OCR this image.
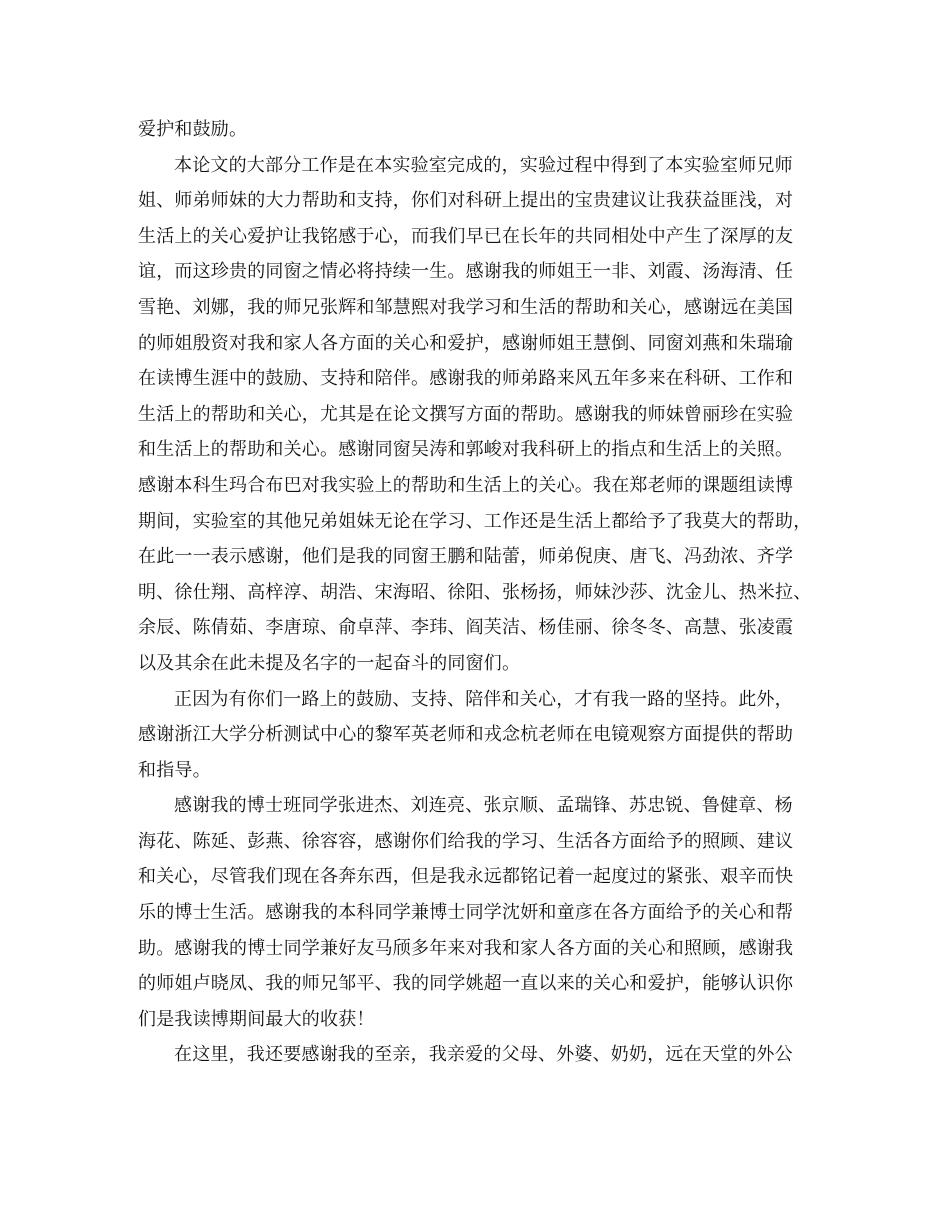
爱护和鼓励。
本论文的大部分工作是在本实验室完成的，实验过程中得到了本实验室师兄师
姐、师弟师妹的大力帮助和支持，你们对科研上提出的宝贵建议让我获益匪浅，对
生活上的关心爱护让我铭感于心，而我们早已在长年的共同相处中产生了深厚的友
谊，而这珍贵的同窗之情必将持续一生。感谢我的师姐王一非、刘霞、汤海清、任
雪艳、刘娜，我的师兄张辉和邹慧熙对我学习和生活的帮助和关心，感谢远在美国
的师姐殷资对我和家人各方面的关心和爱护，感谢师姐王慧倒、同窗刘燕和朱瑞瑜
在读博生涯中的鼓励、支持和陪伴。感谢我的师弟路来风五年多来在科研、工作和
生活上的帮助和关心，尤其是在论文撰写方面的帮助。感谢我的师妹曾丽珍在实验
和生活上的帮助和关心。感谢同窗吴涛和郭峻对我科研上的指点和生活上的关照。
感谢本科生玛合布巴对我实验上的帮助和生活上的关心。我在郑老师的课题组读博
期间，实验室的其他兄弟姐妹无论在学习、工作还是生活上都给予了我莫大的帮助，
在此一一表示感谢，他们是我的同窗王鹏和陆蕾，师弟倪庚、唐飞、冯劲浓、齐学
明、徐仕翔、高梓淳、胡浩、宋海昭、徐阳、张杨扬，师妹沙莎、沈金儿、热米拉、
余辰、陈倩茹、李唐琼、俞卓萍、李玮、阎芙洁、杨佳丽、徐冬冬、高慧、张凌霞
以及其余在此未提及名字的一起奋斗的同窗们。
正因为有你们一路上的鼓励、支持、陪伴和关心，才有我一路的坚持。此外，
感谢浙江大学分析测试中心的黎军英老师和戎念杭老师在电镜观察方面提供的帮助
和指导。
感谢我的博士班同学张进杰、刘连亮、张京顺、孟瑞锋、苏忠锐、鲁健章、杨
海花、陈延、彭燕、徐容容，感谢你们给我的学习、生活各方面给予的照顾、建议
和关心，尽管我们现在各奔东西，但是我永远都铭记着一起度过的紧张、艰辛而快
乐的博士生活。感谢我的本科同学兼博士同学沈妍和童彦在各方面给予的关心和帮
助。感谢我的博士同学兼好友马颀多年来对我和家人各方面的关心和照顾，感谢我
的师姐卢晓凤、我的师兄邹平、我的同学姚超一直以来的关心和爱护，能够认识你
们是我读博期间最大的收获！
在这里，我还要感谢我的至亲，我亲爱的父母、外婆、奶奶，远在天堂的外公
